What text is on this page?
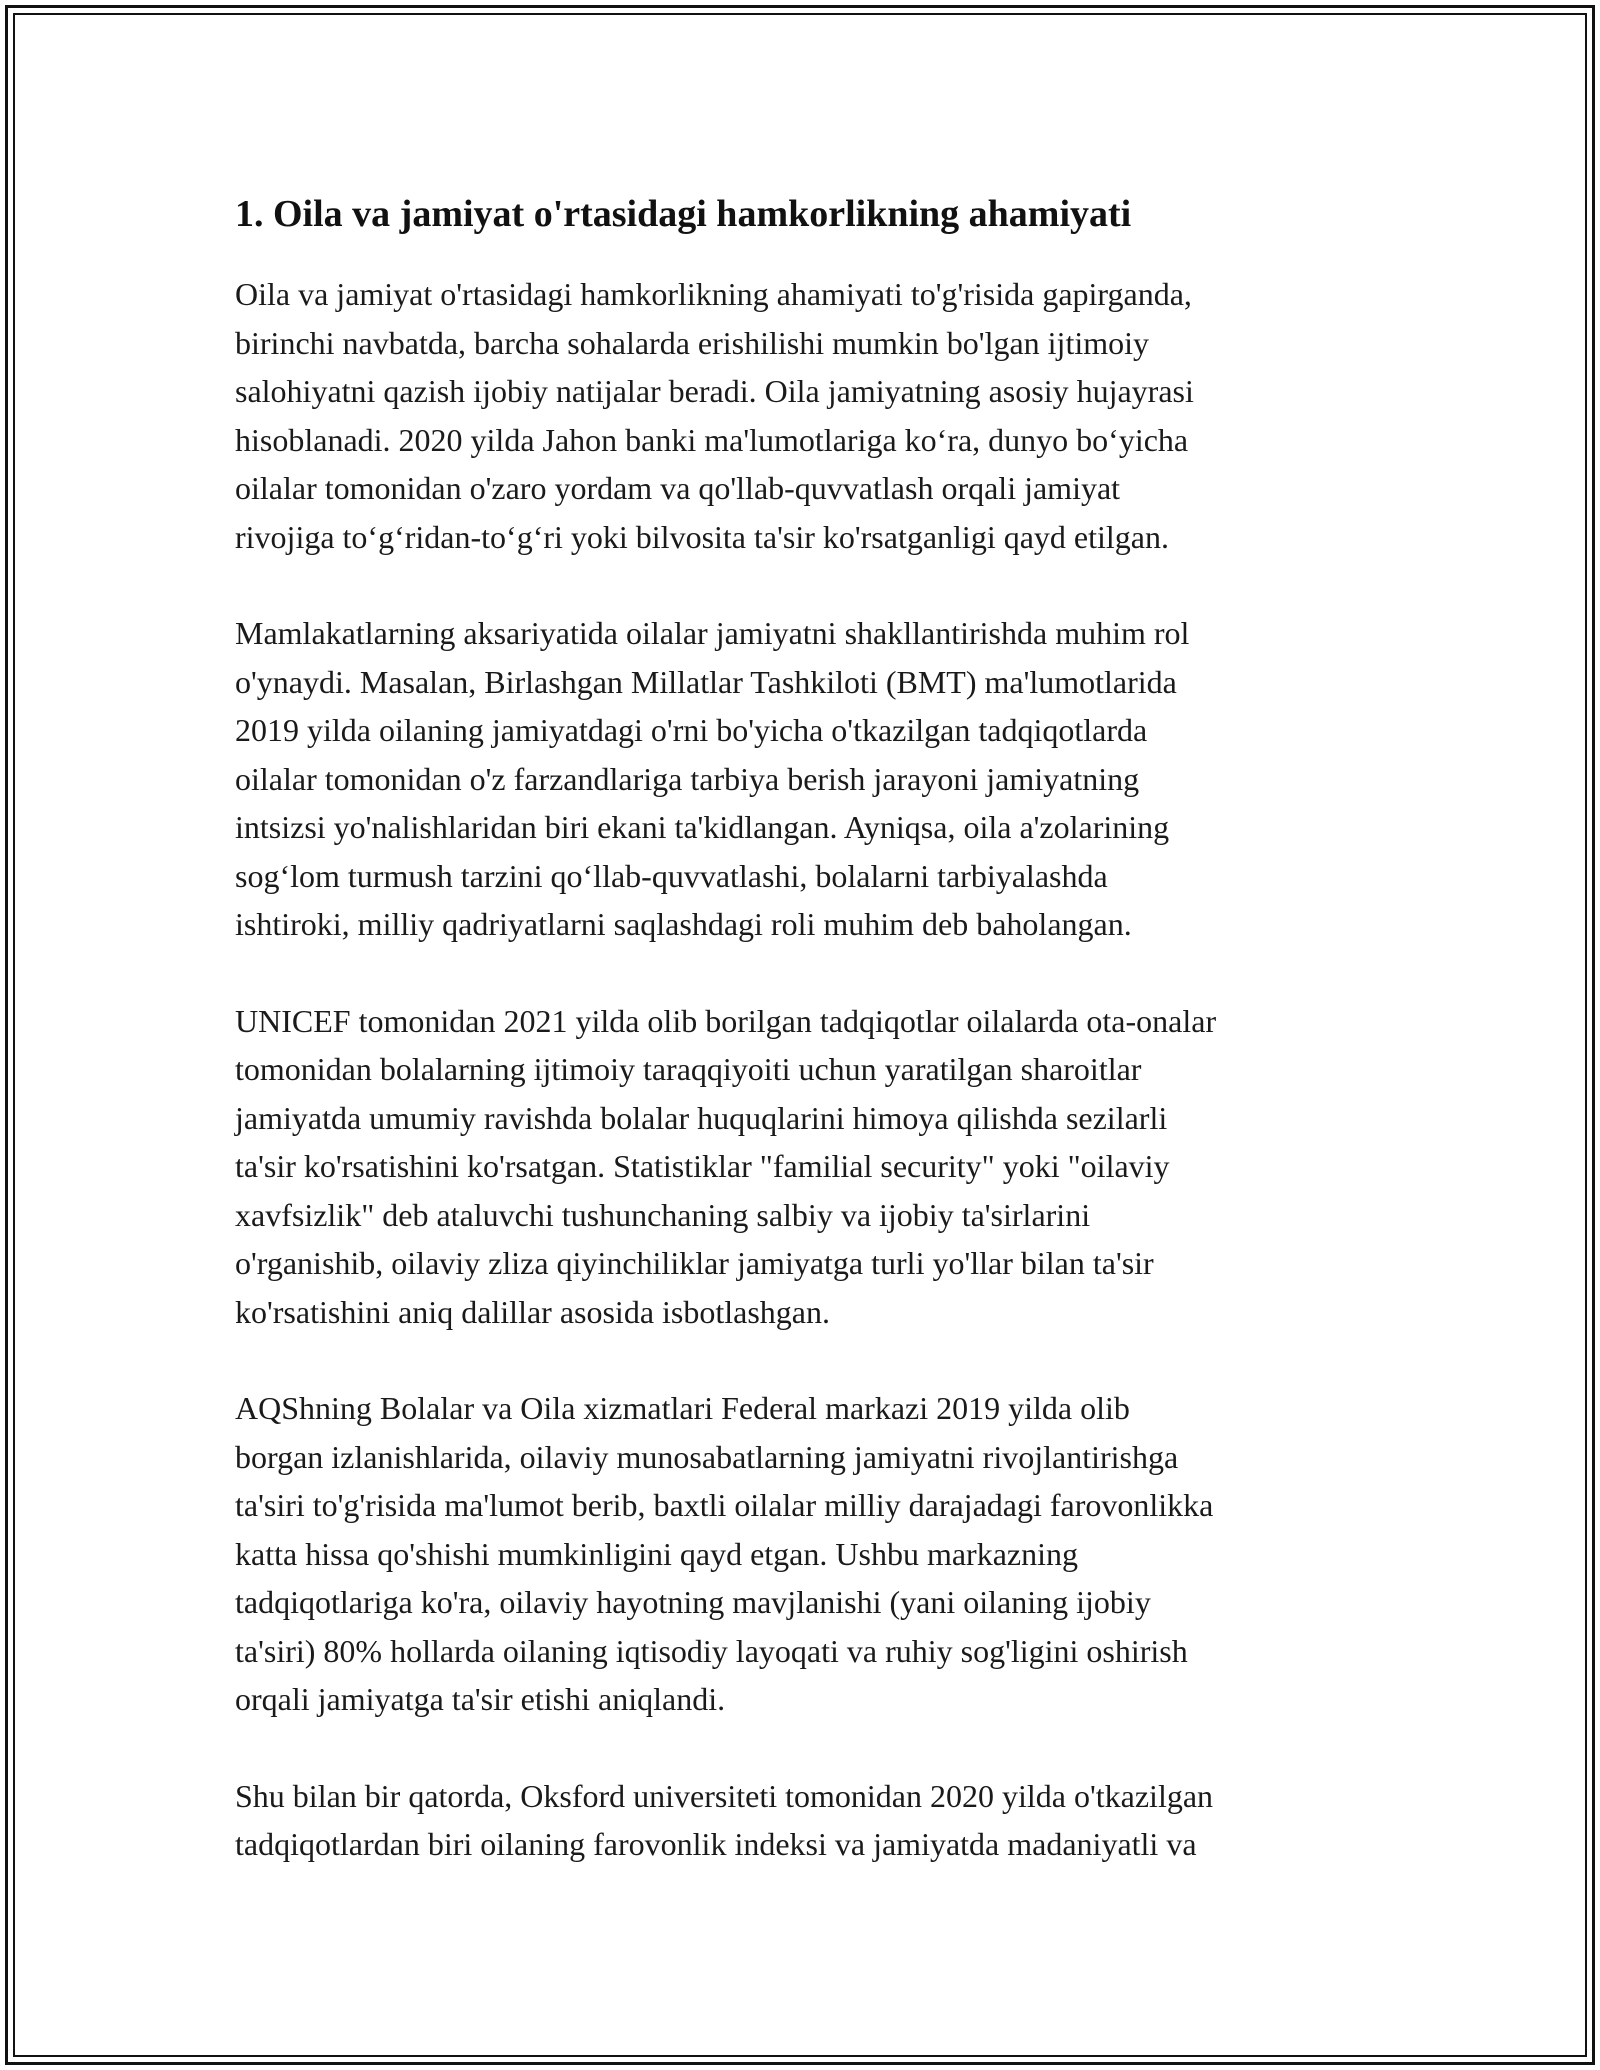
1. Oila va jamiyat o'rtasidagi hamkorlikning ahamiyati

Oila va jamiyat o'rtasidagi hamkorlikning ahamiyati to'g'risida gapirganda,
birinchi navbatda, barcha sohalarda erishilishi mumkin bo'lgan ijtimoiy
salohiyatni qazish ijobiy natijalar beradi. Oila jamiyatning asosiy hujayrasi
hisoblanadi. 2020 yilda Jahon banki ma'lumotlariga ko‘ra, dunyo bo‘yicha
oilalar tomonidan o'zaro yordam va qo'llab-quvvatlash orqali jamiyat
rivojiga to‘g‘ridan-to‘g‘ri yoki bilvosita ta'sir ko'rsatganligi qayd etilgan.

Mamlakatlarning aksariyatida oilalar jamiyatni shakllantirishda muhim rol
o'ynaydi. Masalan, Birlashgan Millatlar Tashkiloti (BMT) ma'lumotlarida
2019 yilda oilaning jamiyatdagi o'rni bo'yicha o'tkazilgan tadqiqotlarda
oilalar tomonidan o'z farzandlariga tarbiya berish jarayoni jamiyatning
intsizsi yo'nalishlaridan biri ekani ta'kidlangan. Ayniqsa, oila a'zolarining
sog‘lom turmush tarzini qo‘llab-quvvatlashi, bolalarni tarbiyalashda
ishtiroki, milliy qadriyatlarni saqlashdagi roli muhim deb baholangan.

UNICEF tomonidan 2021 yilda olib borilgan tadqiqotlar oilalarda ota-onalar
tomonidan bolalarning ijtimoiy taraqqiyoiti uchun yaratilgan sharoitlar
jamiyatda umumiy ravishda bolalar huquqlarini himoya qilishda sezilarli
ta'sir ko'rsatishini ko'rsatgan. Statistiklar "familial security" yoki "oilaviy
xavfsizlik" deb ataluvchi tushunchaning salbiy va ijobiy ta'sirlarini
o'rganishib, oilaviy zliza qiyinchiliklar jamiyatga turli yo'llar bilan ta'sir
ko'rsatishini aniq dalillar asosida isbotlashgan.

AQShning Bolalar va Oila xizmatlari Federal markazi 2019 yilda olib
borgan izlanishlarida, oilaviy munosabatlarning jamiyatni rivojlantirishga
ta'siri to'g'risida ma'lumot berib, baxtli oilalar milliy darajadagi farovonlikka
katta hissa qo'shishi mumkinligini qayd etgan. Ushbu markazning
tadqiqotlariga ko'ra, oilaviy hayotning mavjlanishi (yani oilaning ijobiy
ta'siri) 80% hollarda oilaning iqtisodiy layoqati va ruhiy sog'ligini oshirish
orqali jamiyatga ta'sir etishi aniqlandi.

Shu bilan bir qatorda, Oksford universiteti tomonidan 2020 yilda o'tkazilgan
tadqiqotlardan biri oilaning farovonlik indeksi va jamiyatda madaniyatli va
